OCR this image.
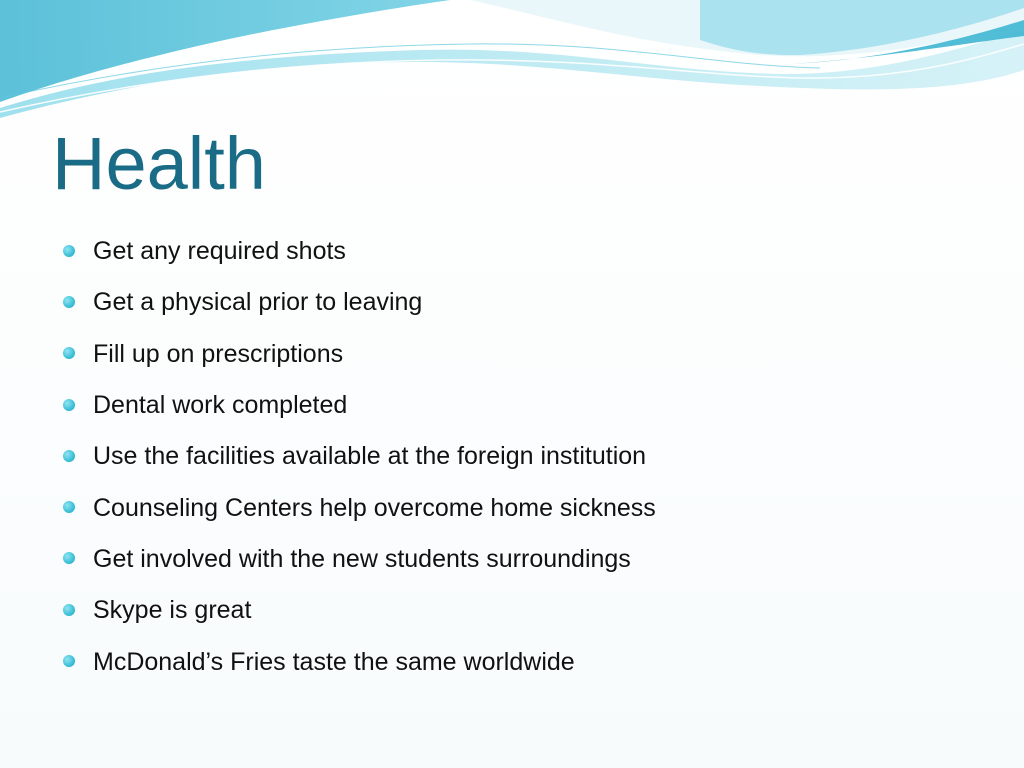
Health
Get any required shots
Get a physical prior to leaving
Fill up on prescriptions
Dental work completed
Use the facilities available at the foreign institution
Counseling Centers help overcome home sickness
Get involved with the new students surroundings
Skype is great
McDonald’s Fries taste the same worldwide
